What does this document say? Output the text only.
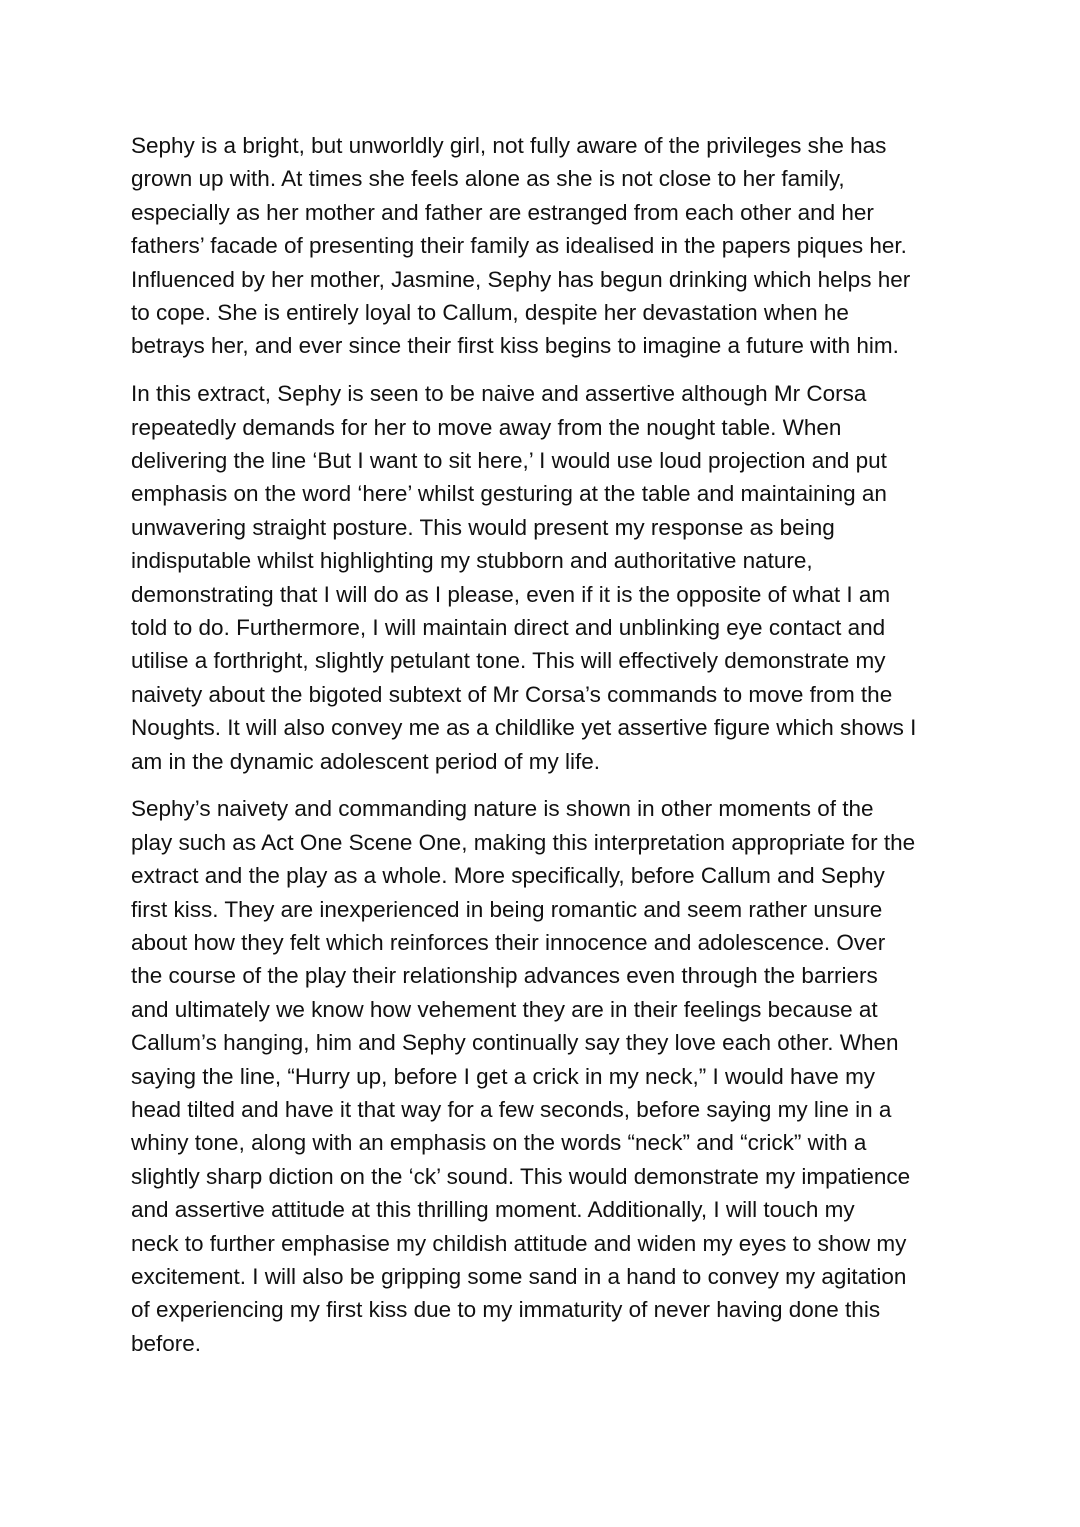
Sephy is a bright, but unworldly girl, not fully aware of the privileges she has
grown up with. At times she feels alone as she is not close to her family,
especially as her mother and father are estranged from each other and her
fathers’ facade of presenting their family as idealised in the papers piques her.
Influenced by her mother, Jasmine, Sephy has begun drinking which helps her
to cope. She is entirely loyal to Callum, despite her devastation when he
betrays her, and ever since their first kiss begins to imagine a future with him.
In this extract, Sephy is seen to be naive and assertive although Mr Corsa
repeatedly demands for her to move away from the nought table. When
delivering the line ‘But I want to sit here,’ I would use loud projection and put
emphasis on the word ‘here’ whilst gesturing at the table and maintaining an
unwavering straight posture. This would present my response as being
indisputable whilst highlighting my stubborn and authoritative nature,
demonstrating that I will do as I please, even if it is the opposite of what I am
told to do. Furthermore, I will maintain direct and unblinking eye contact and
utilise a forthright, slightly petulant tone. This will effectively demonstrate my
naivety about the bigoted subtext of Mr Corsa’s commands to move from the
Noughts. It will also convey me as a childlike yet assertive figure which shows I
am in the dynamic adolescent period of my life.
Sephy’s naivety and commanding nature is shown in other moments of the
play such as Act One Scene One, making this interpretation appropriate for the
extract and the play as a whole. More specifically, before Callum and Sephy
first kiss. They are inexperienced in being romantic and seem rather unsure
about how they felt which reinforces their innocence and adolescence. Over
the course of the play their relationship advances even through the barriers
and ultimately we know how vehement they are in their feelings because at
Callum’s hanging, him and Sephy continually say they love each other. When
saying the line, “Hurry up, before I get a crick in my neck,” I would have my
head tilted and have it that way for a few seconds, before saying my line in a
whiny tone, along with an emphasis on the words “neck” and “crick” with a
slightly sharp diction on the ‘ck’ sound. This would demonstrate my impatience
and assertive attitude at this thrilling moment. Additionally, I will touch my
neck to further emphasise my childish attitude and widen my eyes to show my
excitement. I will also be gripping some sand in a hand to convey my agitation
of experiencing my first kiss due to my immaturity of never having done this
before.
